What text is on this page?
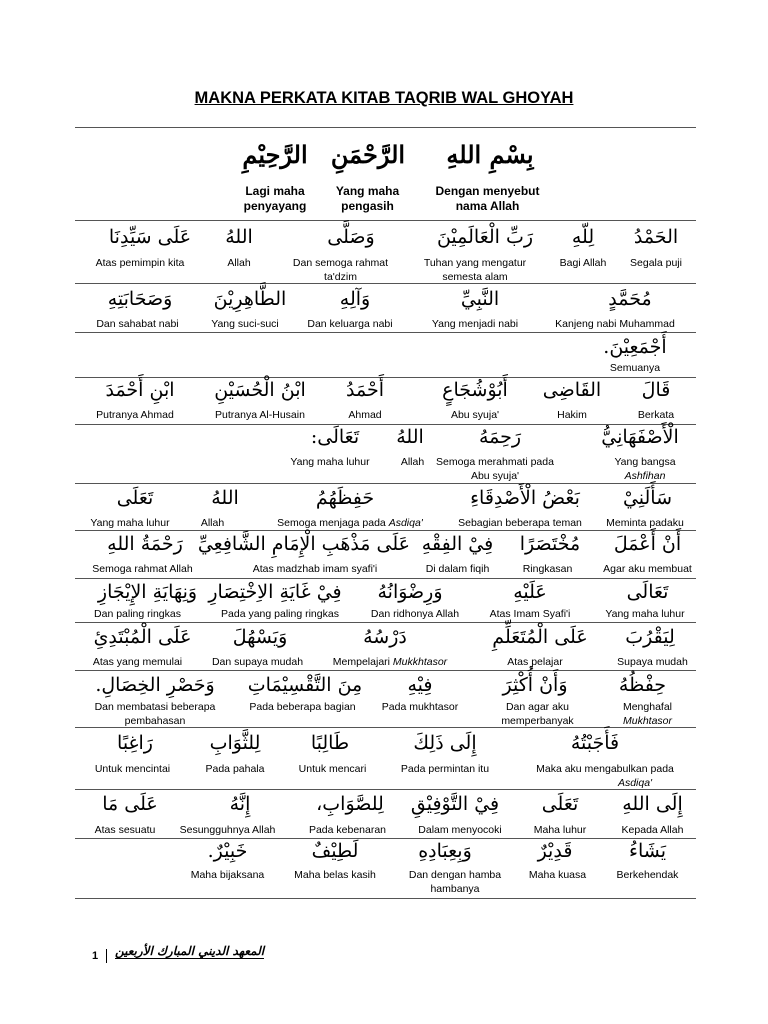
MAKNA PERKATA KITAB TAQRIB WAL GHOYAH
بِسْمِ اللهِ
الرَّحْمَنِ
الرَّحِيْمِ
Dengan menyebut nama Allah
Yang maha pengasih
Lagi maha penyayang
الحَمْدُ
لِلّهِ
رَبِّ الْعَالَمِيْنَ
وَصَلَّى
اللهُ
عَلَى سَيِّدِنَا
Segala puji
Bagi Allah
Tuhan yang mengatur semesta alam
Dan semoga rahmat ta'dzim
Allah
Atas pemimpin kita
مُحَمَّدٍ
النَّبِيِّ
وَآلِهِ
الطَّاهِرِيْنَ
وَصَحَابَتِهِ
Kanjeng nabi Muhammad
Yang menjadi nabi
Dan keluarga nabi
Yang suci-suci
Dan sahabat nabi
أَجْمَعِيْنَ.
Semuanya
قَالَ
القَاضِى
أَبُوْشُجَاعٍ
أَحْمَدُ
ابْنُ الْحُسَيْنِ
ابْنِ أَحْمَدَ
Berkata
Hakim
Abu syuja'
Ahmad
Putranya Al-Husain
Putranya Ahmad
الْأَصْفَهَانِيُّ
رَحِمَهُ
اللهُ
تَعَالَى:
Yang bangsa
Ashfihan
Semoga merahmati pada Abu syuja'
Allah
Yang maha luhur
سَأَلَنِيْ
بَعْضُ الْأَصْدِقَاءِ
حَفِظَهُمُ
اللهُ
تَعَلَى
Meminta padaku
Sebagian beberapa teman
Semoga menjaga pada Asdiqa'
Allah
Yang maha luhur
أَنْ أَعْمَلَ
مُخْتَصَرًا
فِيْ الفِقْهِ
عَلَى مَذْهَبِ الْإِمَامِ الشَّافِعِيِّ
رَحْمَةُ اللهِ
Agar aku membuat
Ringkasan
Di dalam fiqih
Atas madzhab imam syafi'i
Semoga rahmat Allah
تَعَالَى
عَلَيْهِ
وَرِضْوَانُهُ
فِيْ غَايَةِ الاِخْتِصَارِ
وَنِهَايَةِ الإِيْجَازِ
Yang maha luhur
Atas Imam Syafi'i
Dan ridhonya Allah
Pada yang paling ringkas
Dan paling ringkas
لِيَقْرُبَ
عَلَى الْمُتَعَلِّمِ
دَرْسُهُ
وَيَسْهُلَ
عَلَى الْمُبْتَدِئِ
Supaya mudah
Atas pelajar
Mempelajari Mukkhtasor
Dan supaya mudah
Atas yang memulai
حِفْظُهُ
وَأَنْ أُكْثِرَ
فِيْهِ
مِنَ التَّقْسِيْمَاتِ
وَحَصْرِ الخِصَالِ.
Menghafal
Mukhtasor
Dan agar aku memperbanyak
Pada mukhtasor
Pada beberapa bagian
Dan membatasi beberapa pembahasan
فَأَجَبْتُهُ
إِلَى ذَلِكَ
طَالِبًا
لِلثَّوَابِ
رَاغِبًا
Maka aku mengabulkan pada
Asdiqa'
Pada permintan itu
Untuk mencari
Pada pahala
Untuk mencintai
إِلَى اللهِ
تَعَلَى
فِيْ التَّوْفِيْقِ
لِلصَّوَابِ،
إِنَّهُ
عَلَى مَا
Kepada Allah
Maha luhur
Dalam menyocoki
Pada kebenaran
Sesungguhnya Allah
Atas sesuatu
يَشَاءُ
قَدِيْرٌ
وَبِعِبَادِهِ
لَطِيْفٌ
خَبِيْرٌ.
Berkehendak
Maha kuasa
Dan dengan hamba hambanya
Maha belas kasih
Maha bijaksana
1 المعهد الديني المبارك الأربعين
